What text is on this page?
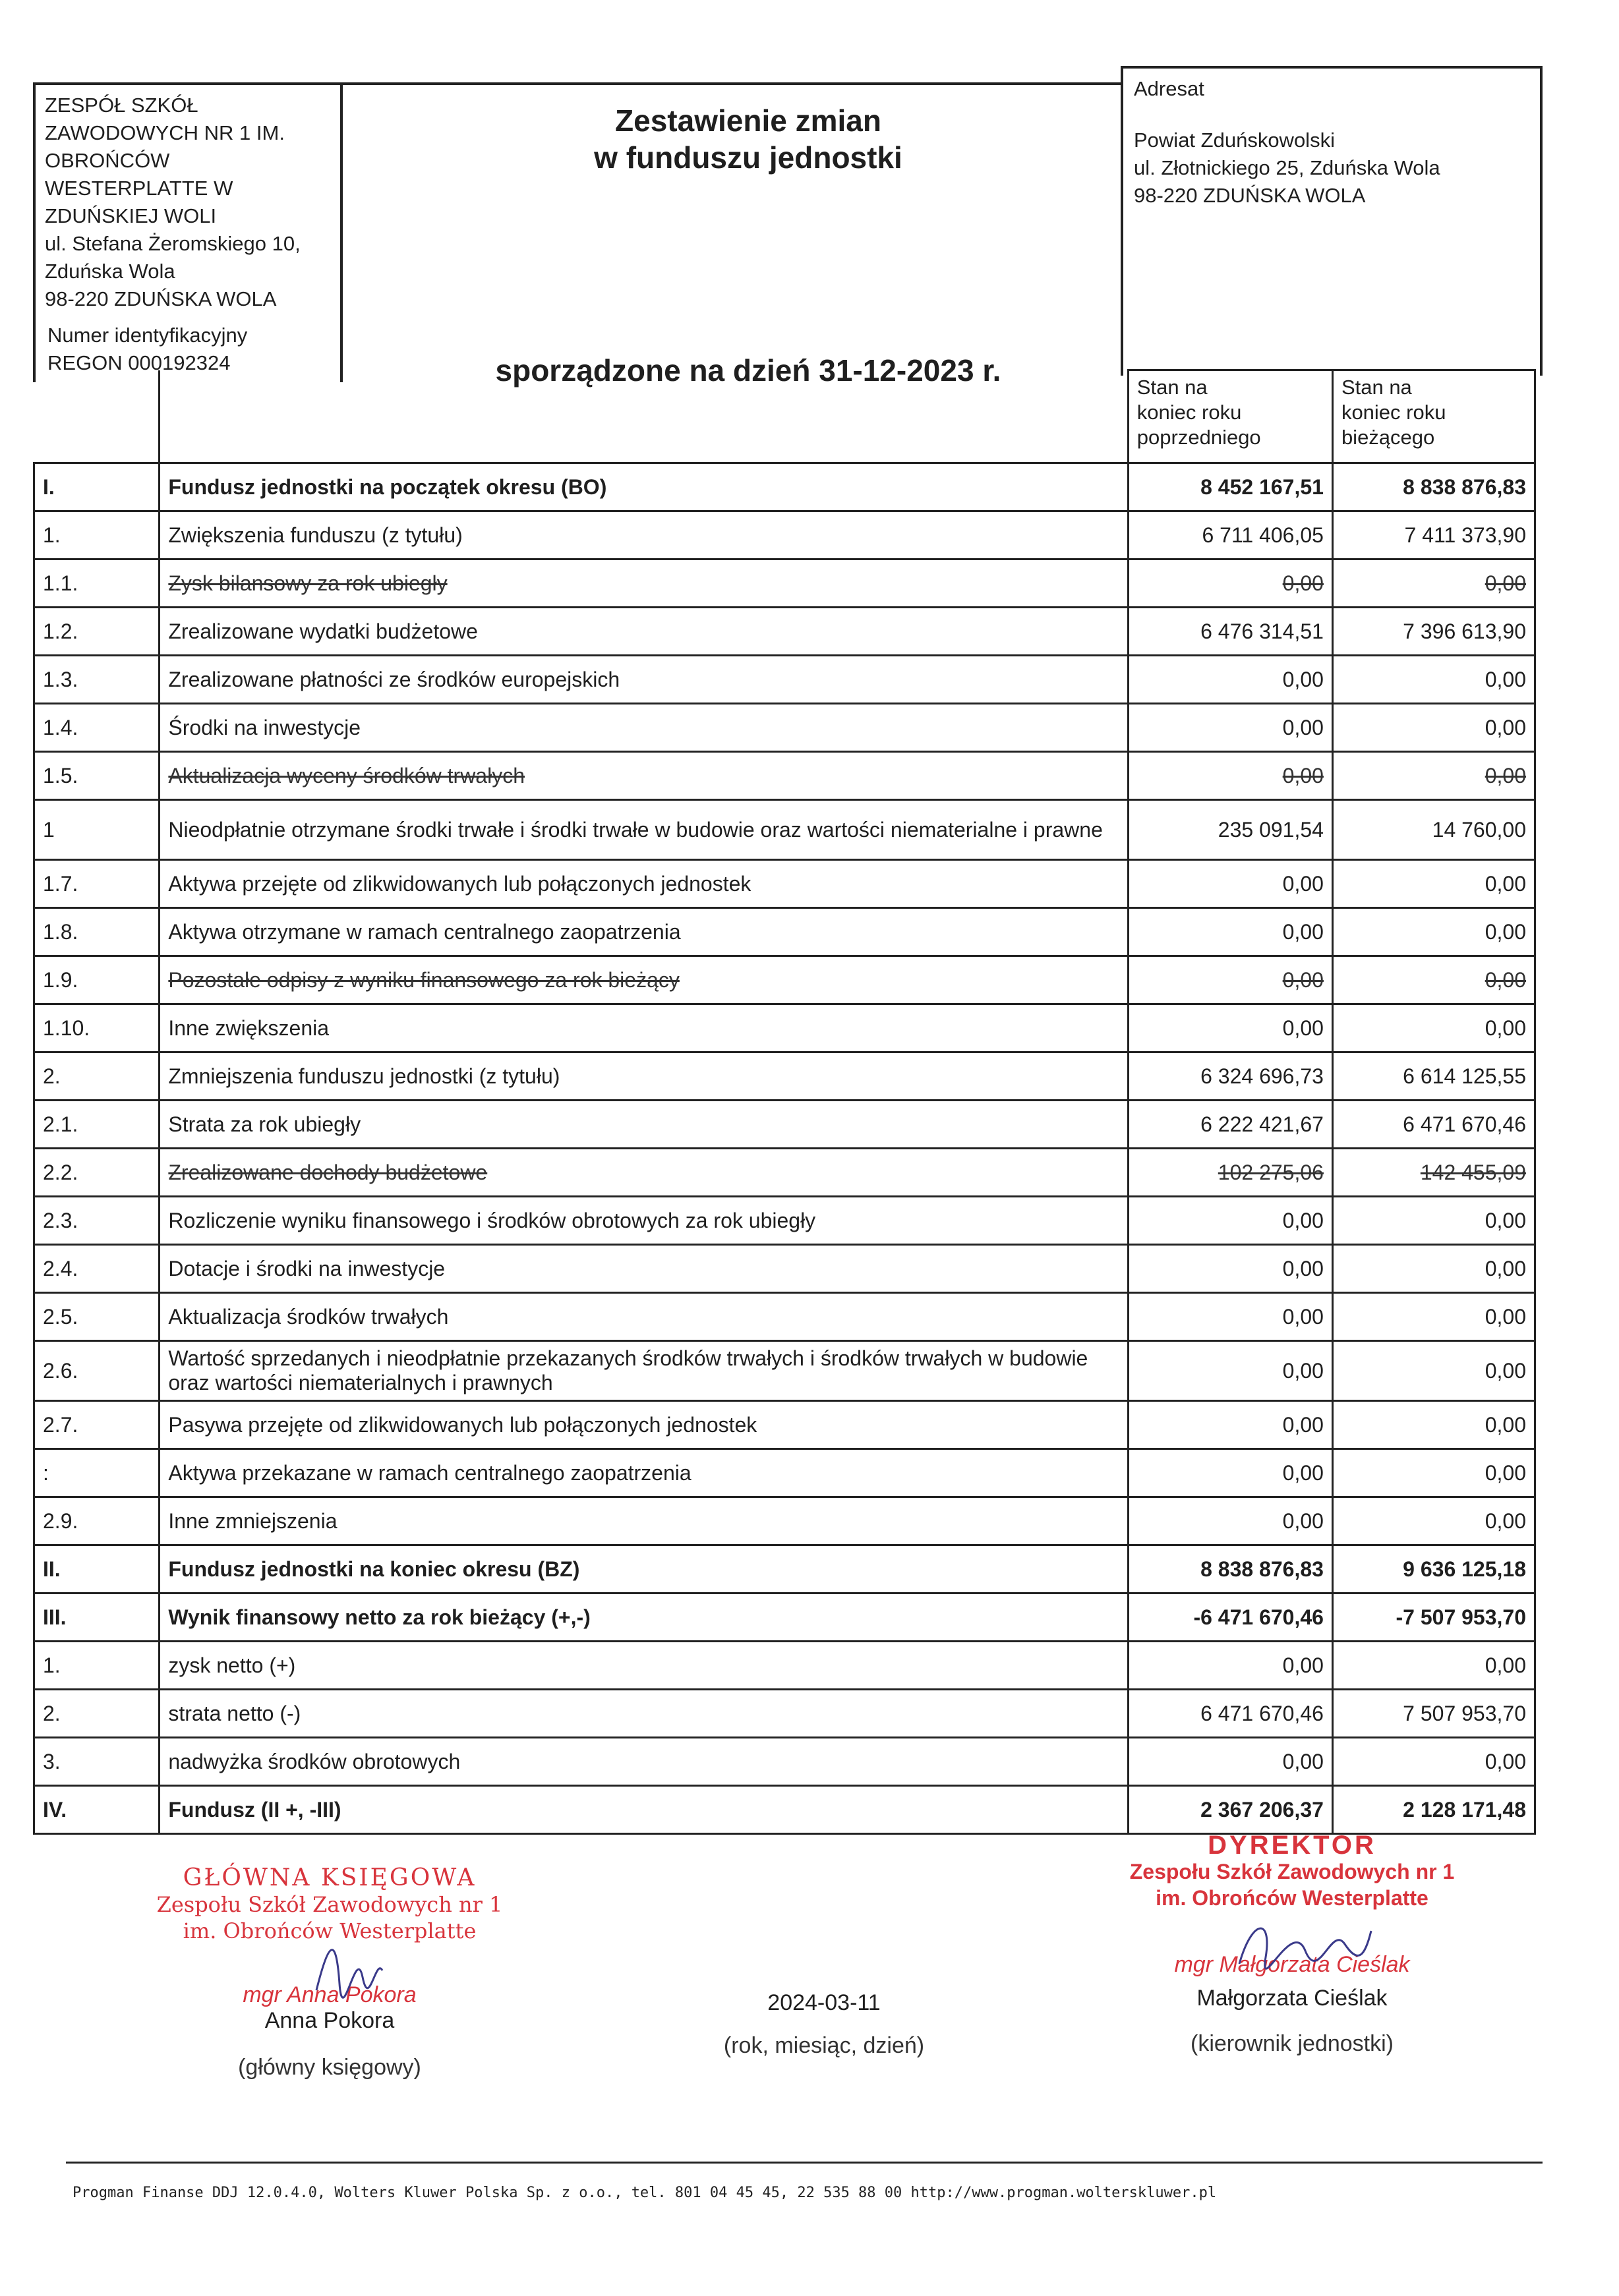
ZESPÓŁ SZKÓŁ
ZAWODOWYCH NR 1 IM.
OBROŃCÓW
WESTERPLATTE W
ZDUŃSKIEJ WOLI
ul. Stefana Żeromskiego 10,
Zduńska Wola
98-220 ZDUŃSKA WOLA
Numer identyfikacyjny
REGON 000192324
Zestawienie zmian
w funduszu jednostki
sporządzone na dzień 31-12-2023 r.
Adresat
Powiat Zduńskowolski
ul. Złotnickiego 25, Zduńska Wola
98-220 ZDUŃSKA WOLA
		Stan na
koniec roku
poprzedniego	Stan na
koniec roku
bieżącego
I.	Fundusz jednostki na początek okresu (BO)	8 452 167,51	8 838 876,83
1.	Zwiększenia funduszu (z tytułu)	6 711 406,05	7 411 373,90
1.1.	Zysk bilansowy za rok ubiegły	0,00	0,00
1.2.	Zrealizowane wydatki budżetowe	6 476 314,51	7 396 613,90
1.3.	Zrealizowane płatności ze środków europejskich	0,00	0,00
1.4.	Środki na inwestycje	0,00	0,00
1.5.	Aktualizacja wyceny środków trwałych	0,00	0,00
1	Nieodpłatnie otrzymane środki trwałe i środki trwałe w budowie oraz wartości niematerialne i prawne	235 091,54	14 760,00
1.7.	Aktywa przejęte od zlikwidowanych lub połączonych jednostek	0,00	0,00
1.8.	Aktywa otrzymane w ramach centralnego zaopatrzenia	0,00	0,00
1.9.	Pozostałe odpisy z wyniku finansowego za rok bieżący	0,00	0,00
1.10.	Inne zwiększenia	0,00	0,00
2.	Zmniejszenia funduszu jednostki (z tytułu)	6 324 696,73	6 614 125,55
2.1.	Strata za rok ubiegły	6 222 421,67	6 471 670,46
2.2.	Zrealizowane dochody budżetowe	102 275,06	142 455,09
2.3.	Rozliczenie wyniku finansowego i środków obrotowych za rok ubiegły	0,00	0,00
2.4.	Dotacje i środki na inwestycje	0,00	0,00
2.5.	Aktualizacja środków trwałych	0,00	0,00
2.6.	Wartość sprzedanych i nieodpłatnie przekazanych środków trwałych i środków trwałych w budowie oraz wartości niematerialnych i prawnych	0,00	0,00
2.7.	Pasywa przejęte od zlikwidowanych lub połączonych jednostek	0,00	0,00
:	Aktywa przekazane w ramach centralnego zaopatrzenia	0,00	0,00
2.9.	Inne zmniejszenia	0,00	0,00
II.	Fundusz jednostki na koniec okresu (BZ)	8 838 876,83	9 636 125,18
III.	Wynik finansowy netto za rok bieżący (+,-)	-6 471 670,46	-7 507 953,70
1.	zysk netto (+)	0,00	0,00
2.	strata netto (-)	6 471 670,46	7 507 953,70
3.	nadwyżka środków obrotowych	0,00	0,00
IV.	Fundusz (II +, -III)	2 367 206,37	2 128 171,48
GŁÓWNA KSIĘGOWA
Zespołu Szkół Zawodowych nr 1
im. Obrońców Westerplatte
mgr Anna Pokora
Anna Pokora
(główny księgowy)
2024-03-11
(rok, miesiąc, dzień)
DYREKTOR
Zespołu Szkół Zawodowych nr 1
im. Obrońców Westerplatte
mgr Małgorzata Cieślak
Małgorzata Cieślak
(kierownik jednostki)
Progman Finanse DDJ 12.0.4.0, Wolters Kluwer Polska Sp. z o.o., tel. 801 04 45 45, 22 535 88 00 http://www.progman.wolterskluwer.pl
